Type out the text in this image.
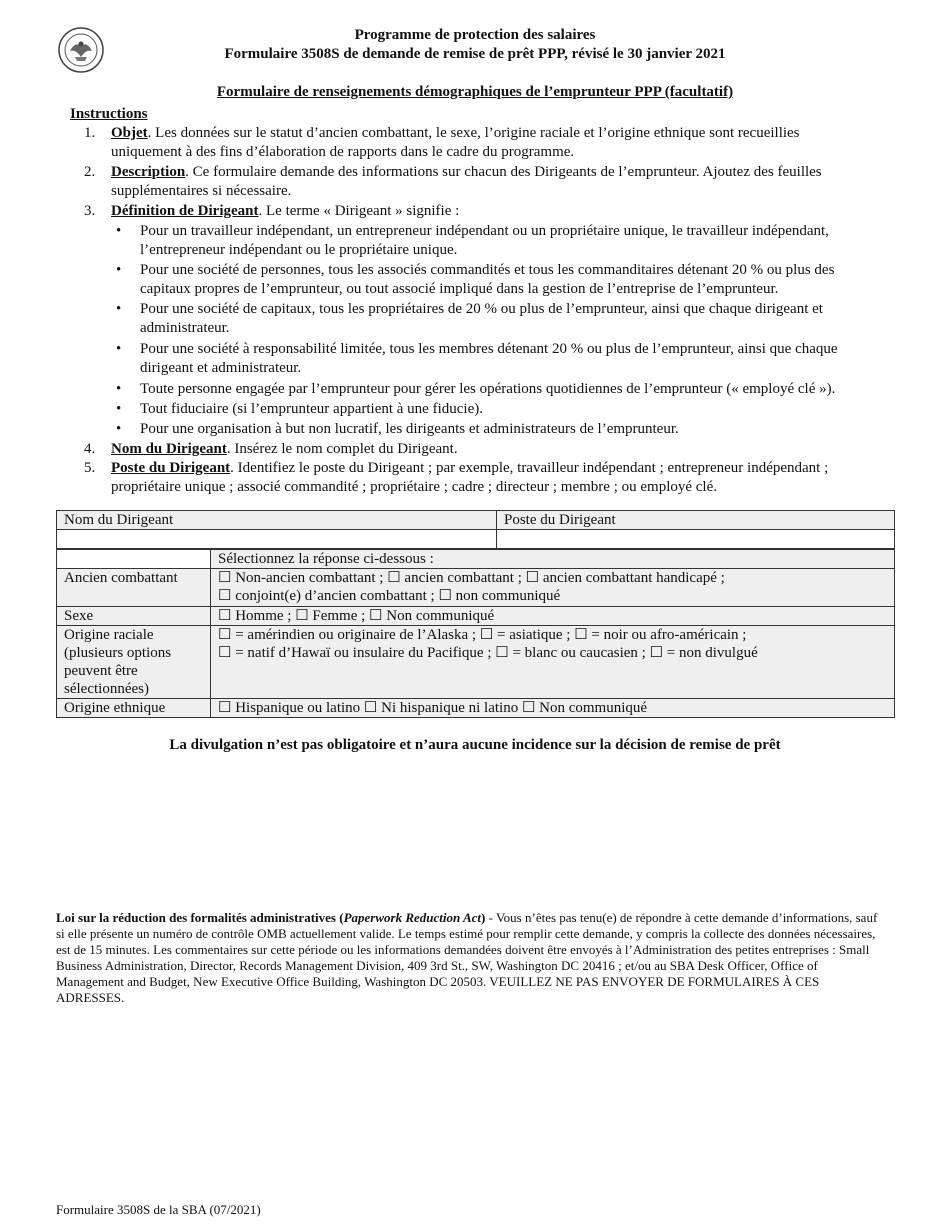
Programme de protection des salaires
Formulaire 3508S de demande de remise de prêt PPP, révisé le 30 janvier 2021
Formulaire de renseignements démographiques de l’emprunteur PPP (facultatif)
Instructions
1. Objet. Les données sur le statut d’ancien combattant, le sexe, l’origine raciale et l’origine ethnique sont recueillies uniquement à des fins d’élaboration de rapports dans le cadre du programme.
2. Description. Ce formulaire demande des informations sur chacun des Dirigeants de l’emprunteur. Ajoutez des feuilles supplémentaires si nécessaire.
3. Définition de Dirigeant. Le terme « Dirigeant » signifie :
• Pour un travailleur indépendant, un entrepreneur indépendant ou un propriétaire unique, le travailleur indépendant, l’entrepreneur indépendant ou le propriétaire unique.
• Pour une société de personnes, tous les associés commandités et tous les commanditaires détenant 20 % ou plus des capitaux propres de l’emprunteur, ou tout associé impliqué dans la gestion de l’entreprise de l’emprunteur.
• Pour une société de capitaux, tous les propriétaires de 20 % ou plus de l’emprunteur, ainsi que chaque dirigeant et administrateur.
• Pour une société à responsabilité limitée, tous les membres détenant 20 % ou plus de l’emprunteur, ainsi que chaque dirigeant et administrateur.
• Toute personne engagée par l’emprunteur pour gérer les opérations quotidiennes de l’emprunteur (« employé clé »).
• Tout fiduciaire (si l’emprunteur appartient à une fiducie).
• Pour une organisation à but non lucratif, les dirigeants et administrateurs de l’emprunteur.
4. Nom du Dirigeant. Insérez le nom complet du Dirigeant.
5. Poste du Dirigeant. Identifiez le poste du Dirigeant ; par exemple, travailleur indépendant ; entrepreneur indépendant ; propriétaire unique ; associé commandité ; propriétaire ; cadre ; directeur ; membre ; ou employé clé.
Nom du Dirigeant	Poste du Dirigeant

	Sélectionnez la réponse ci-dessous :
Ancien combattant	☐ Non-ancien combattant ; ☐ ancien combattant ; ☐ ancien combattant handicapé ;
☐ conjoint(e) d’ancien combattant ; ☐ non communiqué

Sexe	☐ Homme ; ☐ Femme ; ☐ Non communiqué
Origine raciale (plusieurs options peuvent être sélectionnées)	☐ = amérindien ou originaire de l’Alaska ; ☐ = asiatique ; ☐ = noir ou afro-américain ;
☐ = natif d’Hawaï ou insulaire du Pacifique ; ☐ = blanc ou caucasien ; ☐ = non divulgué

Origine ethnique	☐ Hispanique ou latino ☐ Ni hispanique ni latino ☐ Non communiqué
La divulgation n’est pas obligatoire et n’aura aucune incidence sur la décision de remise de prêt
Loi sur la réduction des formalités administratives (Paperwork Reduction Act) - Vous n’êtes pas tenu(e) de répondre à cette demande d’informations, sauf si elle présente un numéro de contrôle OMB actuellement valide. Le temps estimé pour remplir cette demande, y compris la collecte des données nécessaires, est de 15 minutes. Les commentaires sur cette période ou les informations demandées doivent être envoyés à l’Administration des petites entreprises : Small Business Administration, Director, Records Management Division, 409 3rd St., SW, Washington DC 20416 ; et/ou au SBA Desk Officer, Office of Management and Budget, New Executive Office Building, Washington DC 20503. VEUILLEZ NE PAS ENVOYER DE FORMULAIRES À CES ADRESSES.
Formulaire 3508S de la SBA (07/2021)
